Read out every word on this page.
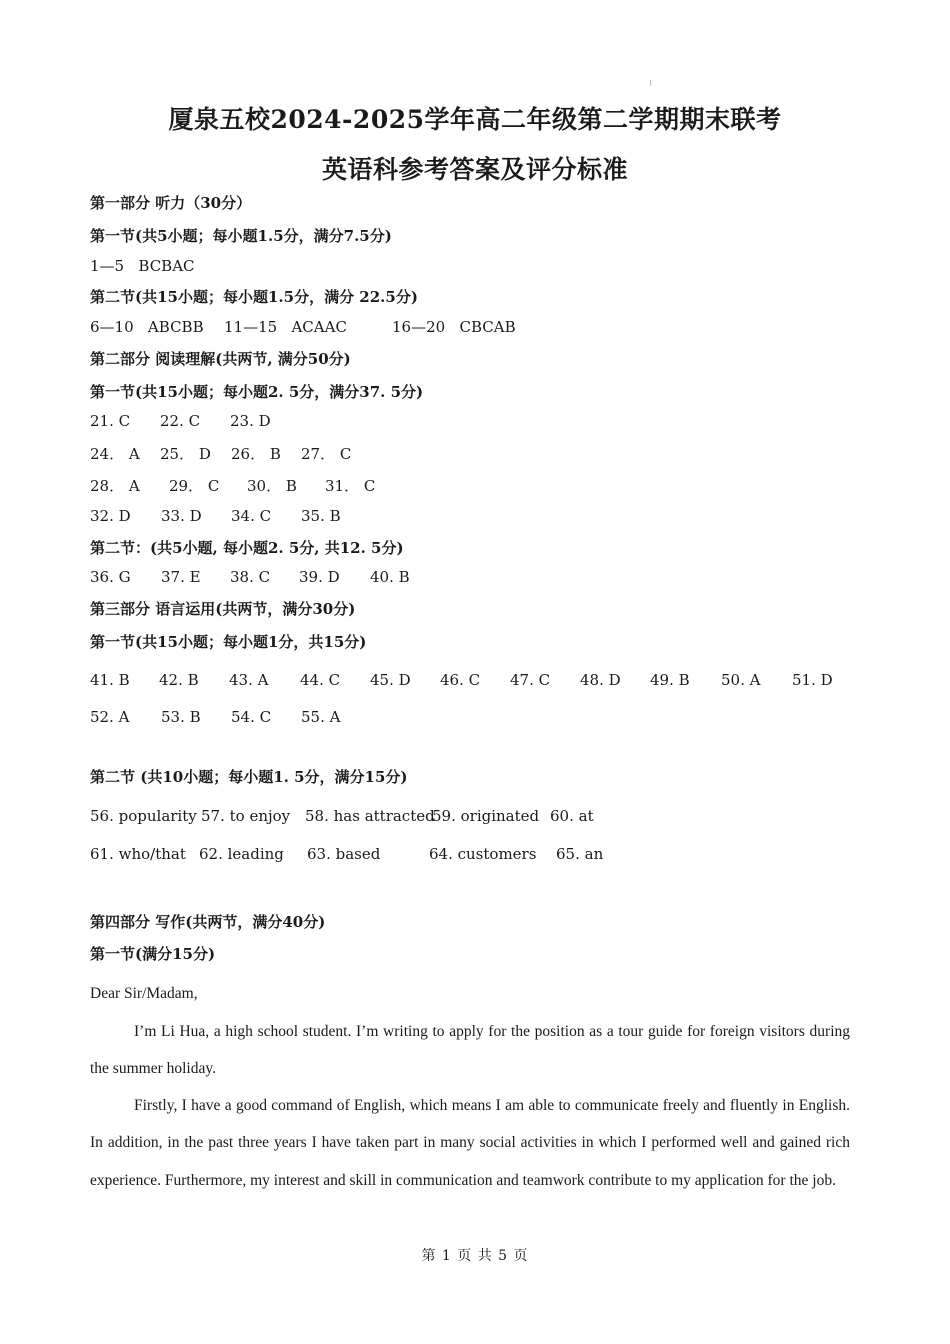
厦泉五校2024-2025学年高二年级第二学期期末联考
英语科参考答案及评分标准
第一部分 听力（30分）
第一节(共5小题；每小题1.5分，满分7.5分)
1—5   BCBAC
第二节(共15小题；每小题1.5分，满分 22.5分)
6—10   ABCBB 11—15   ACAAC	16—20   CBCAB
第二部分 阅读理解(共两节, 满分50分)
第一节(共15小题；每小题2. 5分，满分37. 5分)
21. C 22. C 23. D
24． A 25． D 26． B 27． C
28． A 29． C 30． B 31． C
32. D 33. D 34. C 35. B
第二节：(共5小题, 每小题2. 5分, 共12. 5分)
36. G 37. E 38. C 39. D 40. B
第三部分 语言运用(共两节，满分30分)
第一节(共15小题；每小题1分，共15分)
41. B 42. B 43. A 44. C 45. D 46. C 47. C 48. D 49. B 50. A 51. D
52. A 53. B 54. C 55. A
第二节 (共10小题；每小题1. 5分，满分15分)
56. popularity 57. to enjoy 58. has attracted
59. originated 60. at
61. who/that 62. leading 63. based	64. customers 65. an
第四部分 写作(共两节，满分40分)
第一节(满分15分)
Dear Sir/Madam,
I’m Li Hua, a high school student. I’m writing to apply for the position as a tour guide for foreign visitors during the summer holiday.
Firstly, I have a good command of English, which means I am able to communicate freely and fluently in English. In addition, in the past three years I have taken part in many social activities in which I performed well and gained rich experience. Furthermore, my interest and skill in communication and teamwork contribute to my application for the job.
第 1 页 共 5 页
